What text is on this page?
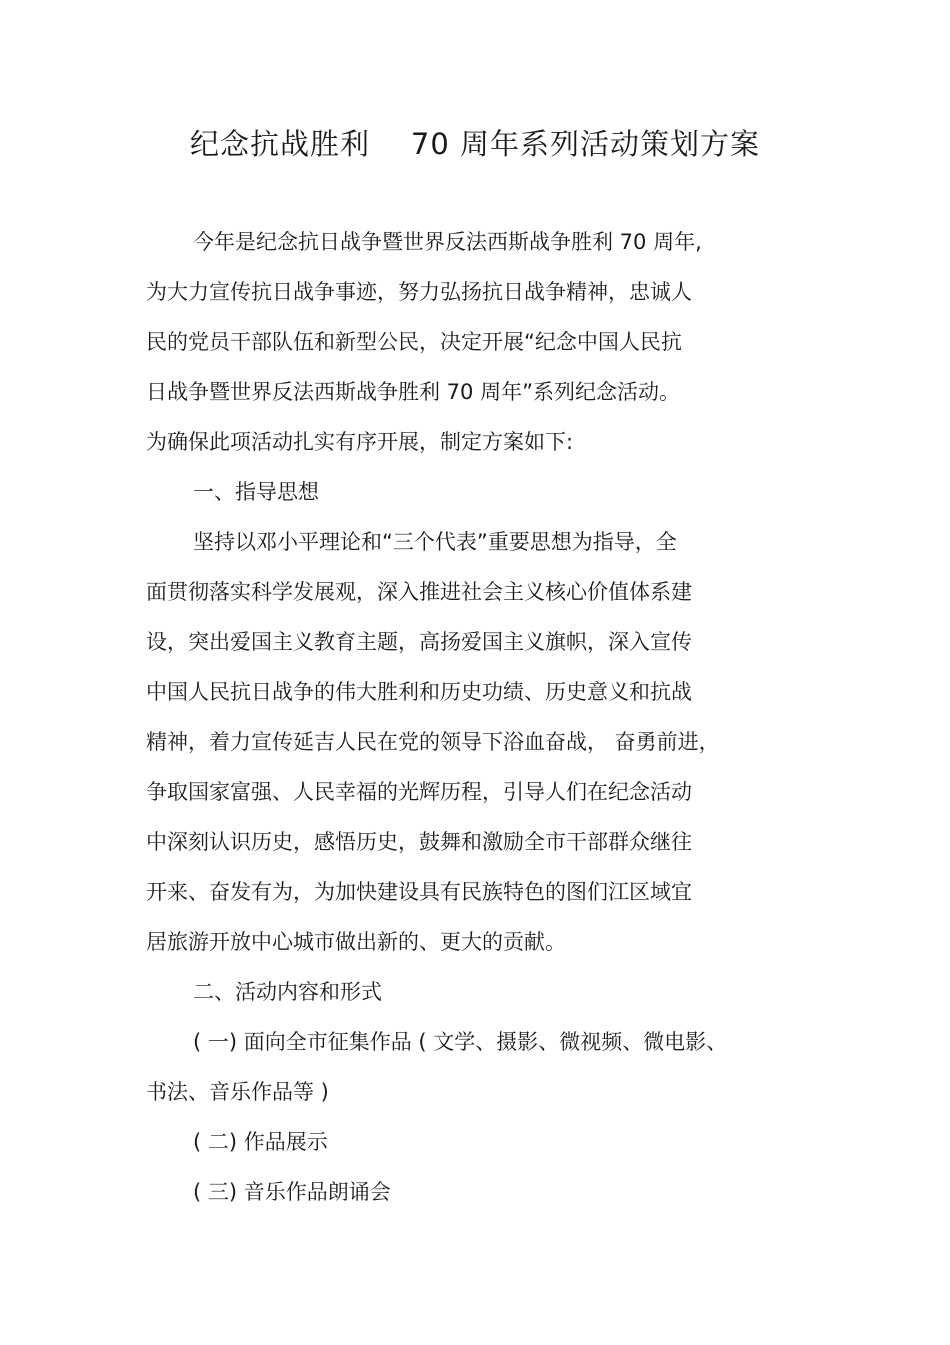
纪念抗战胜利    70 周年系列活动策划方案
今年是纪念抗日战争暨世界反法西斯战争胜利 70 周年,
为大力宣传抗日战争事迹，努力弘扬抗日战争精神，忠诚人
民的党员干部队伍和新型公民，决定开展“纪念中国人民抗
日战争暨世界反法西斯战争胜利 70 周年”系列纪念活动。
为确保此项活动扎实有序开展，制定方案如下:
一、指导思想
坚持以邓小平理论和“三个代表”重要思想为指导，全
面贯彻落实科学发展观，深入推进社会主义核心价值体系建
设，突出爱国主义教育主题，高扬爱国主义旗帜，深入宣传
中国人民抗日战争的伟大胜利和历史功绩、历史意义和抗战
精神，着力宣传延吉人民在党的领导下浴血奋战， 奋勇前进，
争取国家富强、人民幸福的光辉历程，引导人们在纪念活动
中深刻认识历史，感悟历史，鼓舞和激励全市干部群众继往
开来、奋发有为，为加快建设具有民族特色的图们江区域宜
居旅游开放中心城市做出新的、更大的贡献。
二、活动内容和形式
( 一) 面向全市征集作品 ( 文学、摄影、微视频、微电影、
书法、音乐作品等 )
( 二) 作品展示
( 三) 音乐作品朗诵会
